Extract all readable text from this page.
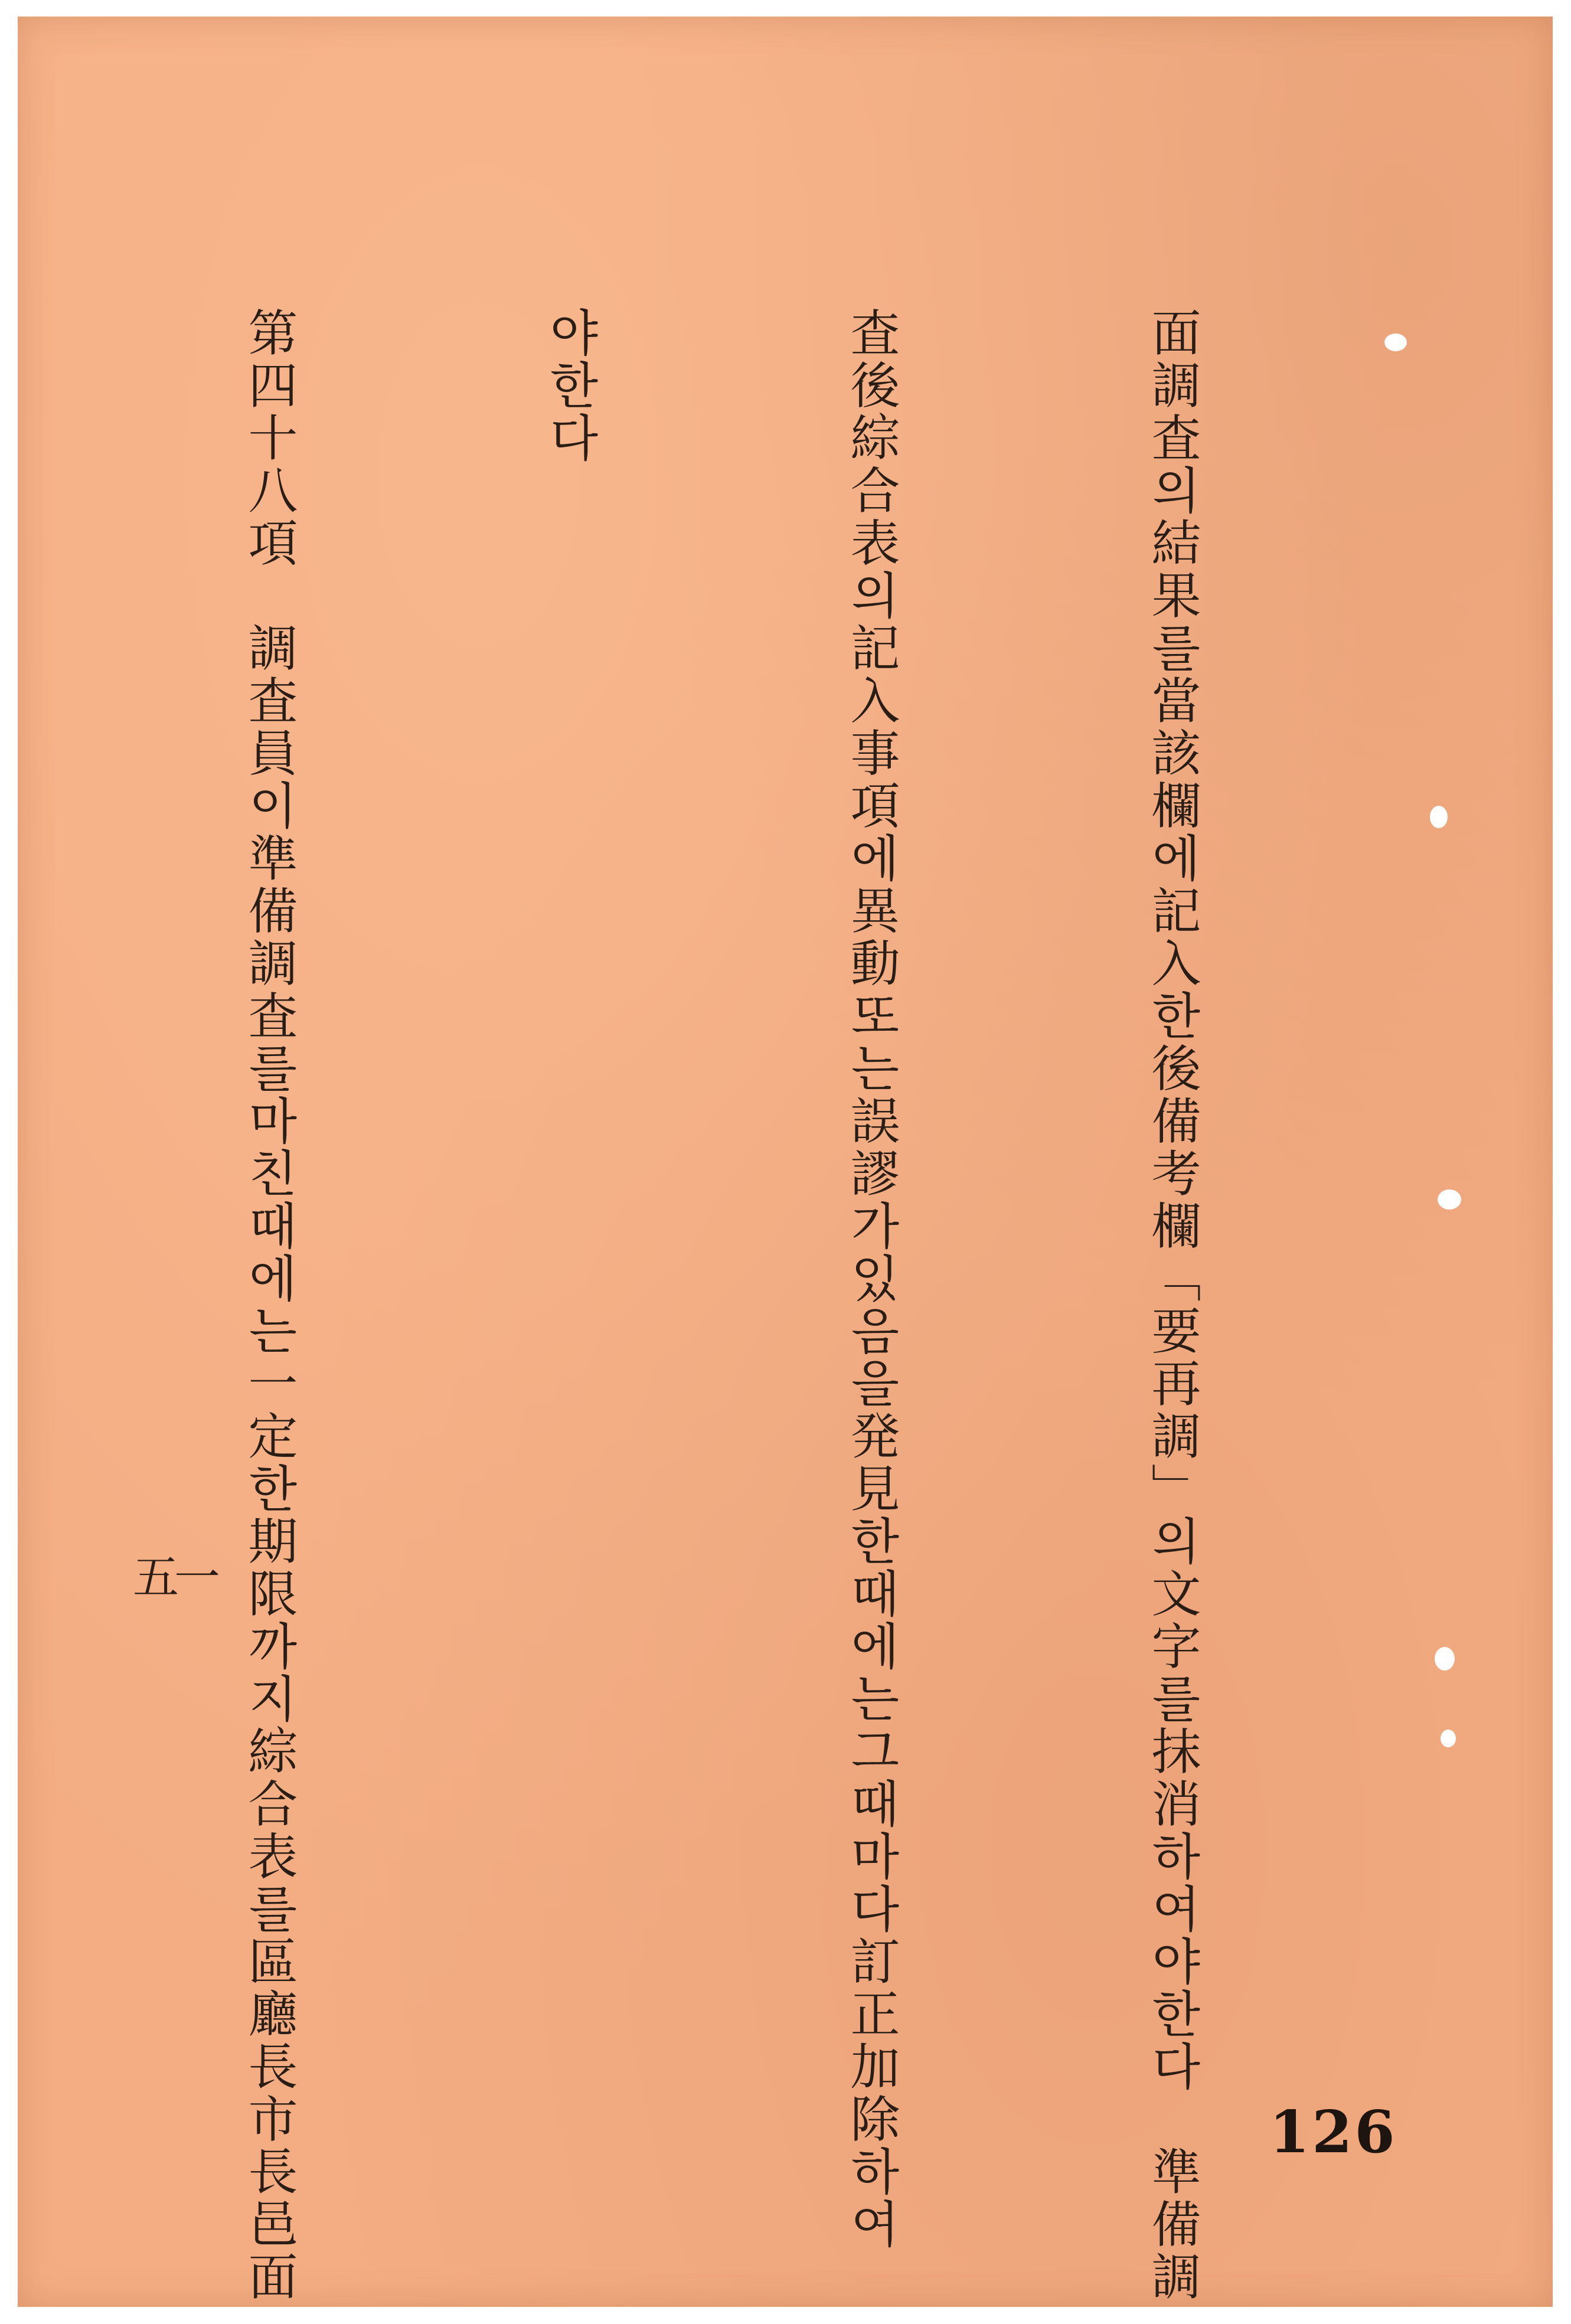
面調査의結果를當該欄에記入한後備考欄「要再調」의文字를抹消하여야한다　準備調

査後綜合表의記入事項에異動또는誤謬가있음을発見한때에는그때마다訂正加除하여

야한다

第四十八項　調査員이準備調査를마친때에는一定한期限까지綜合表를區廳長市長邑面

五一
126
